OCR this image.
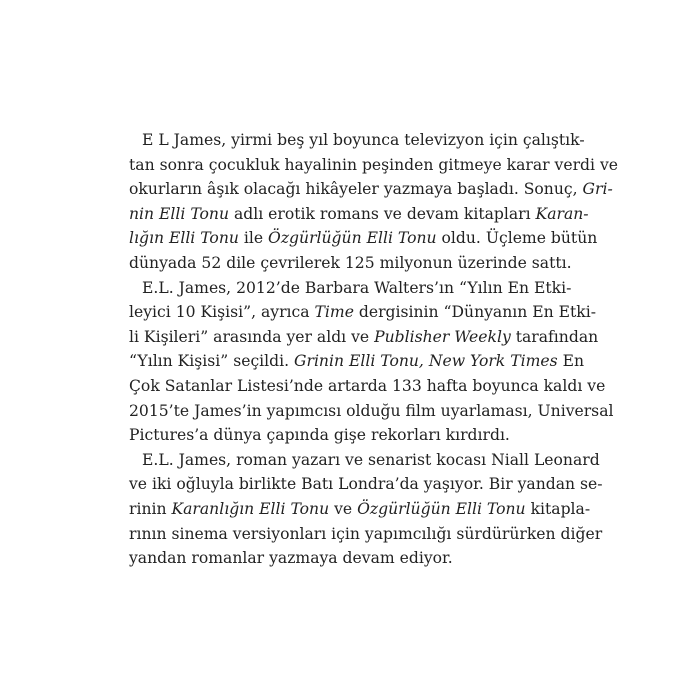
E L James, yirmi beş yıl boyunca televizyon için çalıştık-
tan sonra çocukluk hayalinin peşinden gitmeye karar verdi ve
okurların âşık olacağı hikâyeler yazmaya başladı. Sonuç, Gri-
nin Elli Tonu adlı erotik romans ve devam kitapları Karan-
lığın Elli Tonu ile Özgürlüğün Elli Tonu oldu. Üçleme bütün
dünyada 52 dile çevrilerek 125 milyonun üzerinde sattı.
E.L. James, 2012’de Barbara Walters’ın “Yılın En Etki-
leyici 10 Kişisi”, ayrıca Time dergisinin “Dünyanın En Etki-
li Kişileri” arasında yer aldı ve Publisher Weekly tarafından
“Yılın Kişisi” seçildi. Grinin Elli Tonu, New York Times En
Çok Satanlar Listesi’nde artarda 133 hafta boyunca kaldı ve
2015’te James’in yapımcısı olduğu film uyarlaması, Universal
Pictures’a dünya çapında gişe rekorları kırdırdı.
E.L. James, roman yazarı ve senarist kocası Niall Leonard
ve iki oğluyla birlikte Batı Londra’da yaşıyor. Bir yandan se-
rinin Karanlığın Elli Tonu ve Özgürlüğün Elli Tonu kitapla-
rının sinema versiyonları için yapımcılığı sürdürürken diğer
yandan romanlar yazmaya devam ediyor.
